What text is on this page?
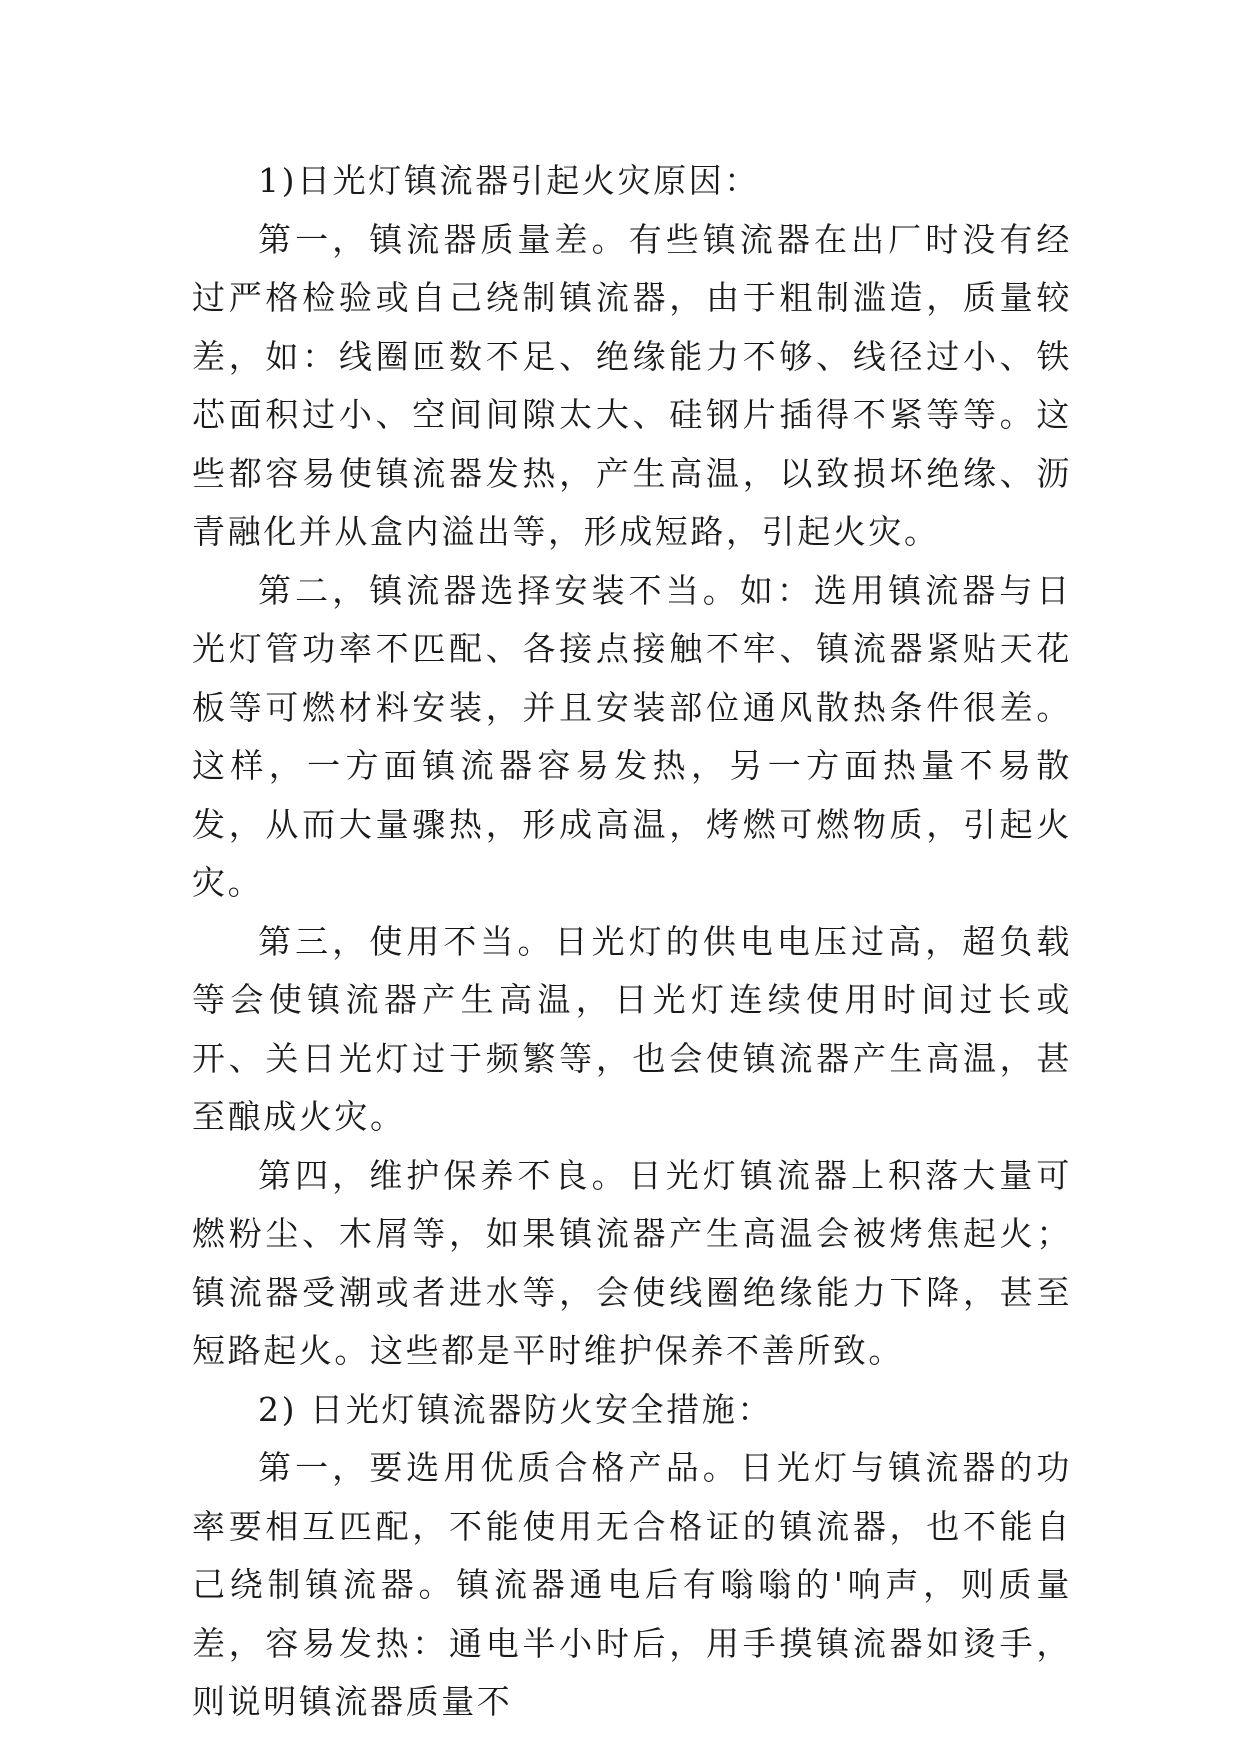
1)日光灯镇流器引起火灾原因：

第一，镇流器质量差。有些镇流器在出厂时没有经过严格检验或自己绕制镇流器，由于粗制滥造，质量较差，如：线圈匝数不足、绝缘能力不够、线径过小、铁芯面积过小、空间间隙太大、硅钢片插得不紧等等。这些都容易使镇流器发热，产生高温，以致损坏绝缘、沥青融化并从盒内溢出等，形成短路，引起火灾。

第二，镇流器选择安装不当。如：选用镇流器与日光灯管功率不匹配、各接点接触不牢、镇流器紧贴天花板等可燃材料安装，并且安装部位通风散热条件很差。这样，一方面镇流器容易发热，另一方面热量不易散发，从而大量骤热，形成高温，烤燃可燃物质，引起火灾。

第三，使用不当。日光灯的供电电压过高，超负载等会使镇流器产生高温，日光灯连续使用时间过长或开、关日光灯过于频繁等，也会使镇流器产生高温，甚至酿成火灾。

第四，维护保养不良。日光灯镇流器上积落大量可燃粉尘、木屑等，如果镇流器产生高温会被烤焦起火；镇流器受潮或者进水等，会使线圈绝缘能力下降，甚至短路起火。这些都是平时维护保养不善所致。

2) 日光灯镇流器防火安全措施：

第一，要选用优质合格产品。日光灯与镇流器的功率要相互匹配，不能使用无合格证的镇流器，也不能自己绕制镇流器。镇流器通电后有嗡嗡的'响声，则质量差，容易发热：通电半小时后，用手摸镇流器如烫手，则说明镇流器质量不
